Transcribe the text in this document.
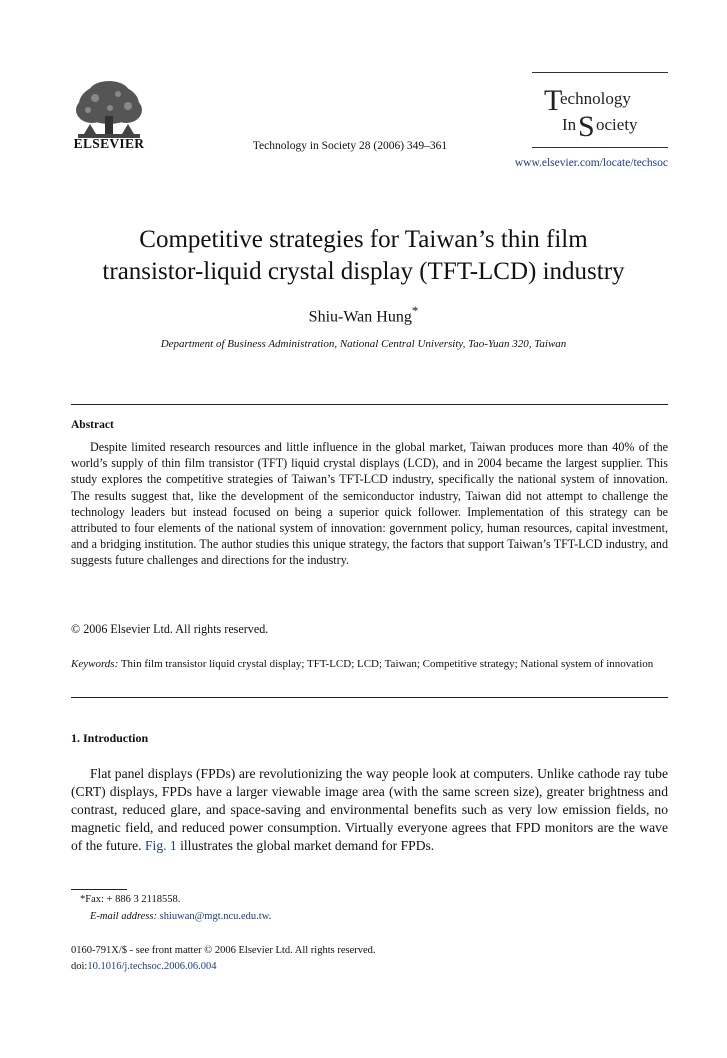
ELSEVIER	Technology in Society 28 (2006) 349–361
T
echnology
In S ociety
www.elsevier.com/locate/techsoc
Competitive strategies for Taiwan’s thin film
transistor-liquid crystal display (TFT-LCD) industry
Shiu-Wan Hung*
Department of Business Administration, National Central University, Tao-Yuan 320, Taiwan
Abstract

Despite limited research resources and little influence in the global market, Taiwan produces more than 40% of the world’s supply of thin film transistor (TFT) liquid crystal displays (LCD), and in 2004 became the largest supplier. This study explores the competitive strategies of Taiwan’s TFT-LCD industry, specifically the national system of innovation. The results suggest that, like the development of the semiconductor industry, Taiwan did not attempt to challenge the technology leaders but instead focused on being a superior quick follower. Implementation of this strategy can be attributed to four elements of the national system of innovation: government policy, human resources, capital investment, and a bridging institution. The author studies this unique strategy, the factors that support Taiwan’s TFT-LCD industry, and suggests future challenges and directions for the industry.

© 2006 Elsevier Ltd. All rights reserved.
Keywords: Thin film transistor liquid crystal display; TFT-LCD; LCD; Taiwan; Competitive strategy; National system of innovation
1. Introduction

Flat panel displays (FPDs) are revolutionizing the way people look at computers. Unlike cathode ray tube (CRT) displays, FPDs have a larger viewable image area (with the same screen size), greater brightness and contrast, reduced glare, and space-saving and environmental benefits such as very low emission fields, no magnetic field, and reduced power consumption. Virtually everyone agrees that FPD monitors are the wave of the future. Fig. 1 illustrates the global market demand for FPDs.

*Fax: + 886 3 2118558.
E-mail address: shiuwan@mgt.ncu.edu.tw.
0160-791X/$ - see front matter © 2006 Elsevier Ltd. All rights reserved.
doi:10.1016/j.techsoc.2006.06.004
